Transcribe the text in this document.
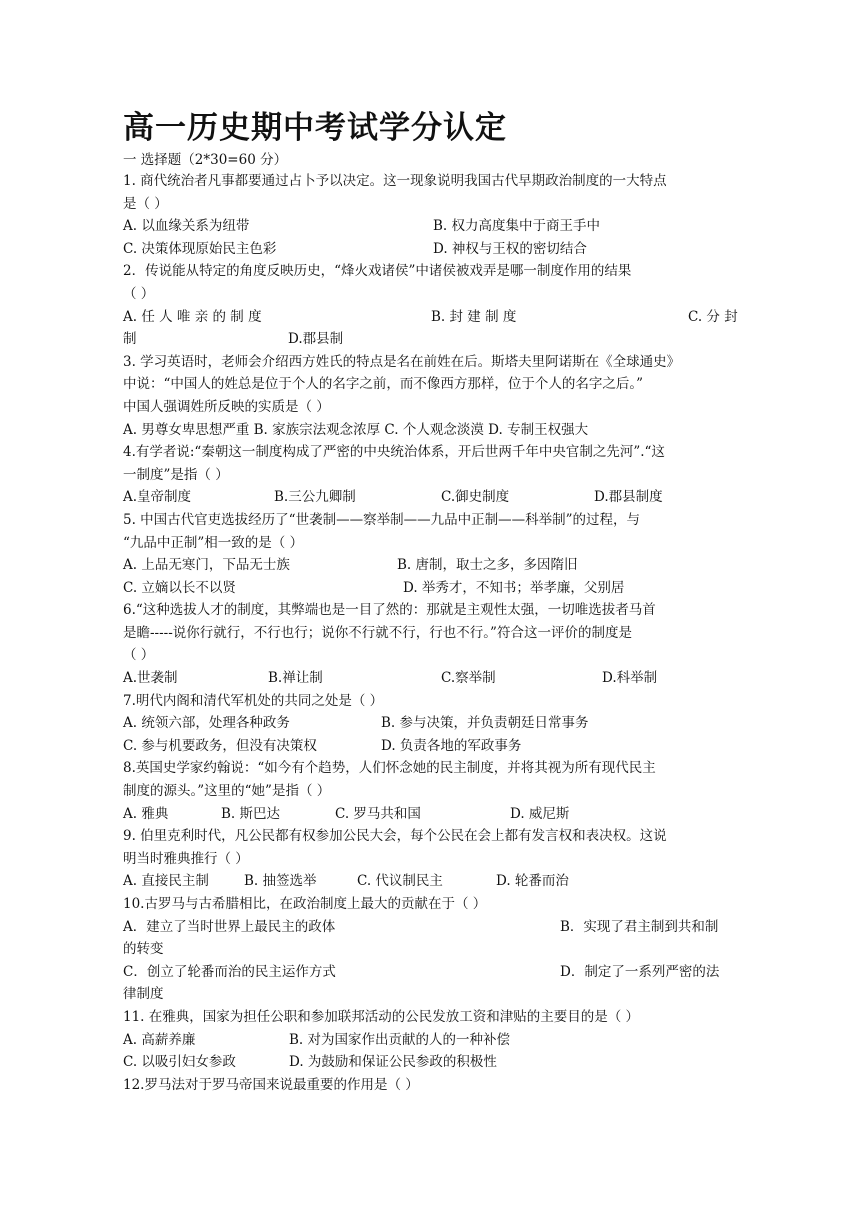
高一历史期中考试学分认定
一 选择题（2*30=60 分）
1. 商代统治者凡事都要通过占卜予以决定。这一现象说明我国古代早期政治制度的一大特点
是（ ）
A. 以血缘关系为纽带	B. 权力高度集中于商王手中
C. 决策体现原始民主色彩	D. 神权与王权的密切结合
2．传说能从特定的角度反映历史，“烽火戏诸侯”中诸侯被戏弄是哪一制度作用的结果
（ ）
A. 任 人 唯 亲 的 制 度	B. 封 建 制 度	C. 分 封
制	D.郡县制
3. 学习英语时，老师会介绍西方姓氏的特点是名在前姓在后。斯塔夫里阿诺斯在《全球通史》
中说：“中国人的姓总是位于个人的名字之前，而不像西方那样，位于个人的名字之后。”
中国人强调姓所反映的实质是（ ）
A. 男尊女卑思想严重 B. 家族宗法观念浓厚 C. 个人观念淡漠 D. 专制王权强大
4.有学者说:“秦朝这一制度构成了严密的中央统治体系，开后世两千年中央官制之先河”.“这
一制度”是指（ ）
A.皇帝制度	B.三公九卿制	C.御史制度	D.郡县制度
5. 中国古代官吏选拔经历了“世袭制——察举制——九品中正制——科举制”的过程，与
“九品中正制”相一致的是（ ）
A. 上品无寒门，下品无士族	B. 唐制，取士之多，多因隋旧
C. 立嫡以长不以贤	D. 举秀才，不知书；举孝廉，父别居
6.“这种选拔人才的制度，其弊端也是一目了然的：那就是主观性太强，一切唯选拔者马首
是瞻-----说你行就行，不行也行；说你不行就不行，行也不行。”符合这一评价的制度是
（ ）
A.世袭制	B.禅让制	C.察举制	D.科举制
7.明代内阁和清代军机处的共同之处是（ ）
A. 统领六部，处理各种政务	B. 参与决策，并负责朝廷日常事务
C. 参与机要政务，但没有决策权	D. 负责各地的军政事务
8.英国史学家约翰说：“如今有个趋势，人们怀念她的民主制度，并将其视为所有现代民主
制度的源头。”这里的“她”是指（ ）
A. 雅典	B. 斯巴达	C. 罗马共和国	D. 威尼斯
9. 伯里克利时代，凡公民都有权参加公民大会，每个公民在会上都有发言权和表决权。这说
明当时雅典推行（ ）
A. 直接民主制	B. 抽签选举	C. 代议制民主	D. 轮番而治
10.古罗马与古希腊相比，在政治制度上最大的贡献在于（ ）
A．建立了当时世界上最民主的政体	B．实现了君主制到共和制
的转变
C．创立了轮番而治的民主运作方式	D．制定了一系列严密的法
律制度
11. 在雅典，国家为担任公职和参加联邦活动的公民发放工资和津贴的主要目的是（ ）
A. 高薪养廉	B. 对为国家作出贡献的人的一种补偿
C. 以吸引妇女参政	D. 为鼓励和保证公民参政的积极性
12.罗马法对于罗马帝国来说最重要的作用是（ ）
